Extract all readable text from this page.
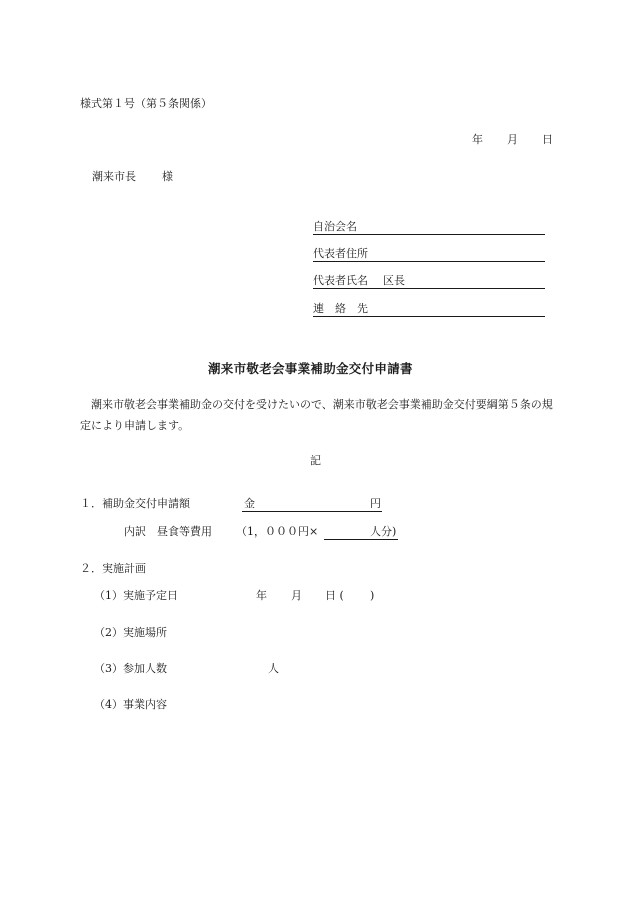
様式第１号（第５条関係）
年 月 日
潮来市長 様
自治会名
代表者住所
代表者氏名 区長
連　絡　先
潮来市敬老会事業補助金交付申請書
潮来市敬老会事業補助金の交付を受けたいので、潮来市敬老会事業補助金交付要綱第５条の規定により申請します。
記
１．補助金交付申請額	金	円
内訳　昼食等費用 （1，０００円×	人分)
２．実施計画
（1）実施予定日	年 月 日 ( )
（2）実施場所
（3）参加人数	人
（4）事業内容
